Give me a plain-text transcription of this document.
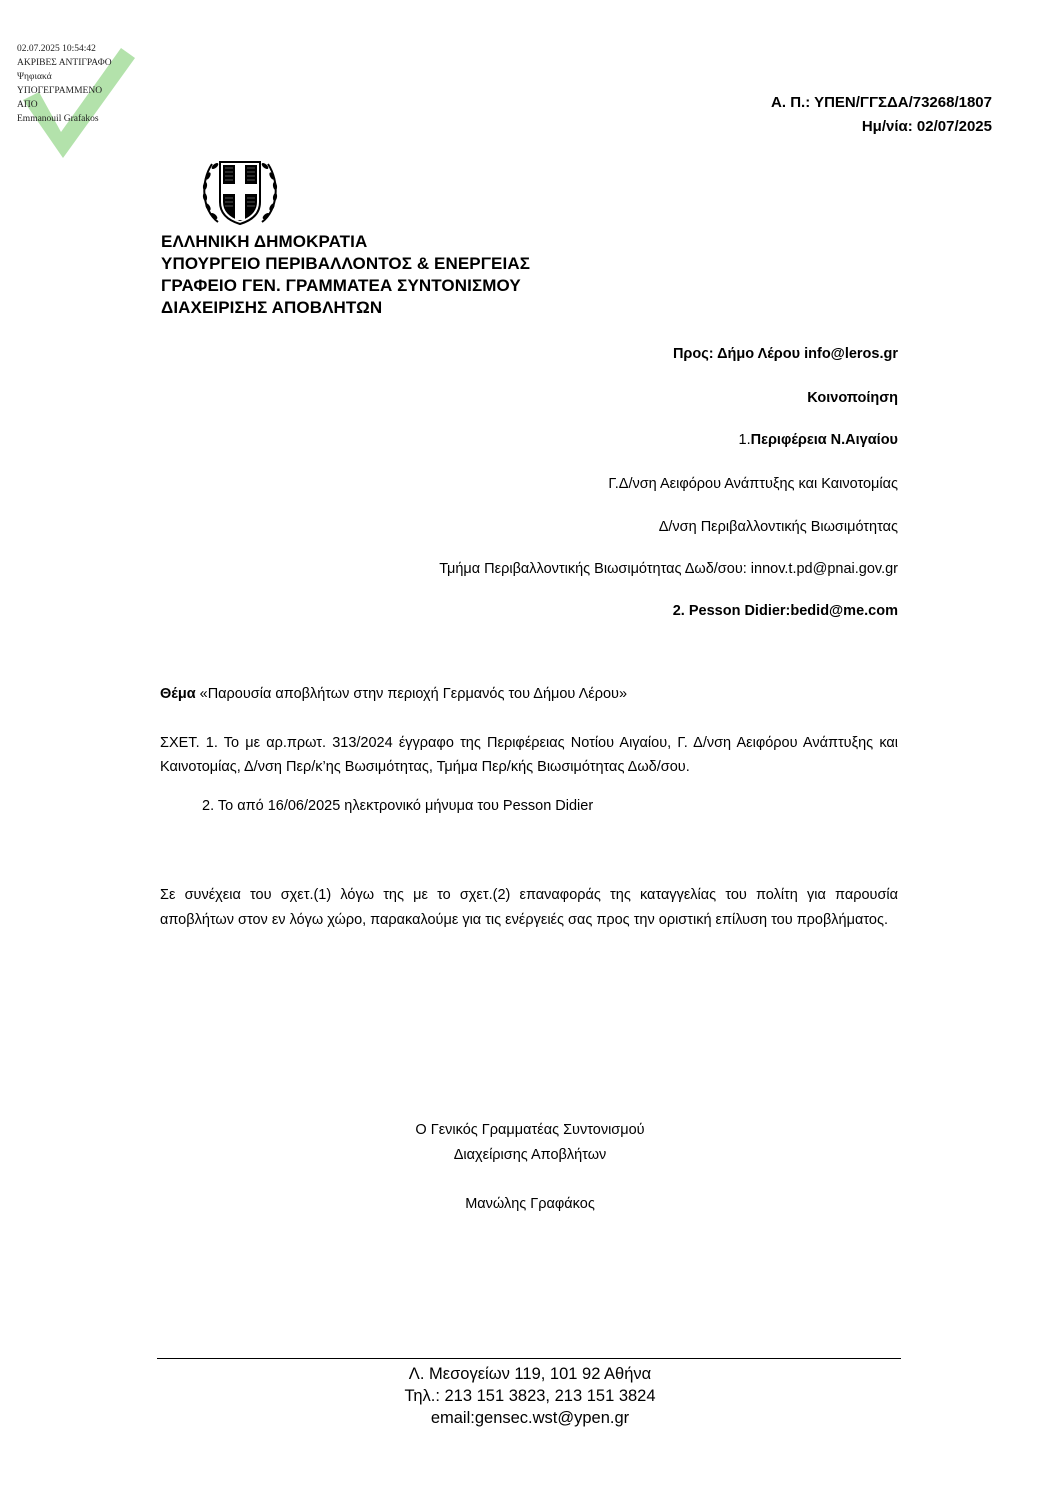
02.07.2025 10:54:42
ΑΚΡΙΒΕΣ ΑΝΤΙΓΡΑΦΟ
Ψηφιακά
ΥΠΟΓΕΓΡΑΜΜΕΝΟ
ΑΠΟ
Emmanouil Grafakos
Α. Π.: ΥΠΕΝ/ΓΓΣΔΑ/73268/1807
Ημ/νία: 02/07/2025
ΕΛΛΗΝΙΚΗ ΔΗΜΟΚΡΑΤΙΑ
ΥΠΟΥΡΓΕΙΟ ΠΕΡΙΒΑΛΛΟΝΤΟΣ & ΕΝΕΡΓΕΙΑΣ
ΓΡΑΦΕΙΟ ΓΕΝ. ΓΡΑΜΜΑΤΕΑ ΣΥΝΤΟΝΙΣΜΟΥ
ΔΙΑΧΕΙΡΙΣΗΣ ΑΠΟΒΛΗΤΩΝ
Προς: Δήμο Λέρου info@leros.gr
Κοινοποίηση
1.Περιφέρεια Ν.Αιγαίου
Γ.Δ/νση Αειφόρου Ανάπτυξης και Καινοτομίας
Δ/νση Περιβαλλοντικής Βιωσιμότητας
Τμήμα Περιβαλλοντικής Βιωσιμότητας Δωδ/σου: innov.t.pd@pnai.gov.gr
2. Pesson Didier:bedid@me.com
Θέμα «Παρουσία αποβλήτων στην περιοχή Γερμανός του Δήμου Λέρου»
ΣΧΕΤ. 1. Το με αρ.πρωτ. 313/2024 έγγραφο της Περιφέρειας Νοτίου Αιγαίου, Γ. Δ/νση Αειφόρου Ανάπτυξης και Καινοτομίας, Δ/νση Περ/κ’ης Βωσιμότητας, Τμήμα Περ/κής Βιωσιμότητας Δωδ/σου.
2. Το από 16/06/2025 ηλεκτρονικό μήνυμα του Pesson Didier
Σε συνέχεια του σχετ.(1) λόγω της με το σχετ.(2) επαναφοράς της καταγγελίας του πολίτη για παρουσία αποβλήτων στον εν λόγω χώρο, παρακαλούμε για τις ενέργειές σας προς την οριστική επίλυση του προβλήματος.
Ο Γενικός Γραμματέας Συντονισμού
Διαχείρισης Αποβλήτων
Μανώλης Γραφάκος
Λ. Μεσογείων 119, 101 92 Αθήνα
Τηλ.: 213 151 3823, 213 151 3824
email:gensec.wst@ypen.gr
